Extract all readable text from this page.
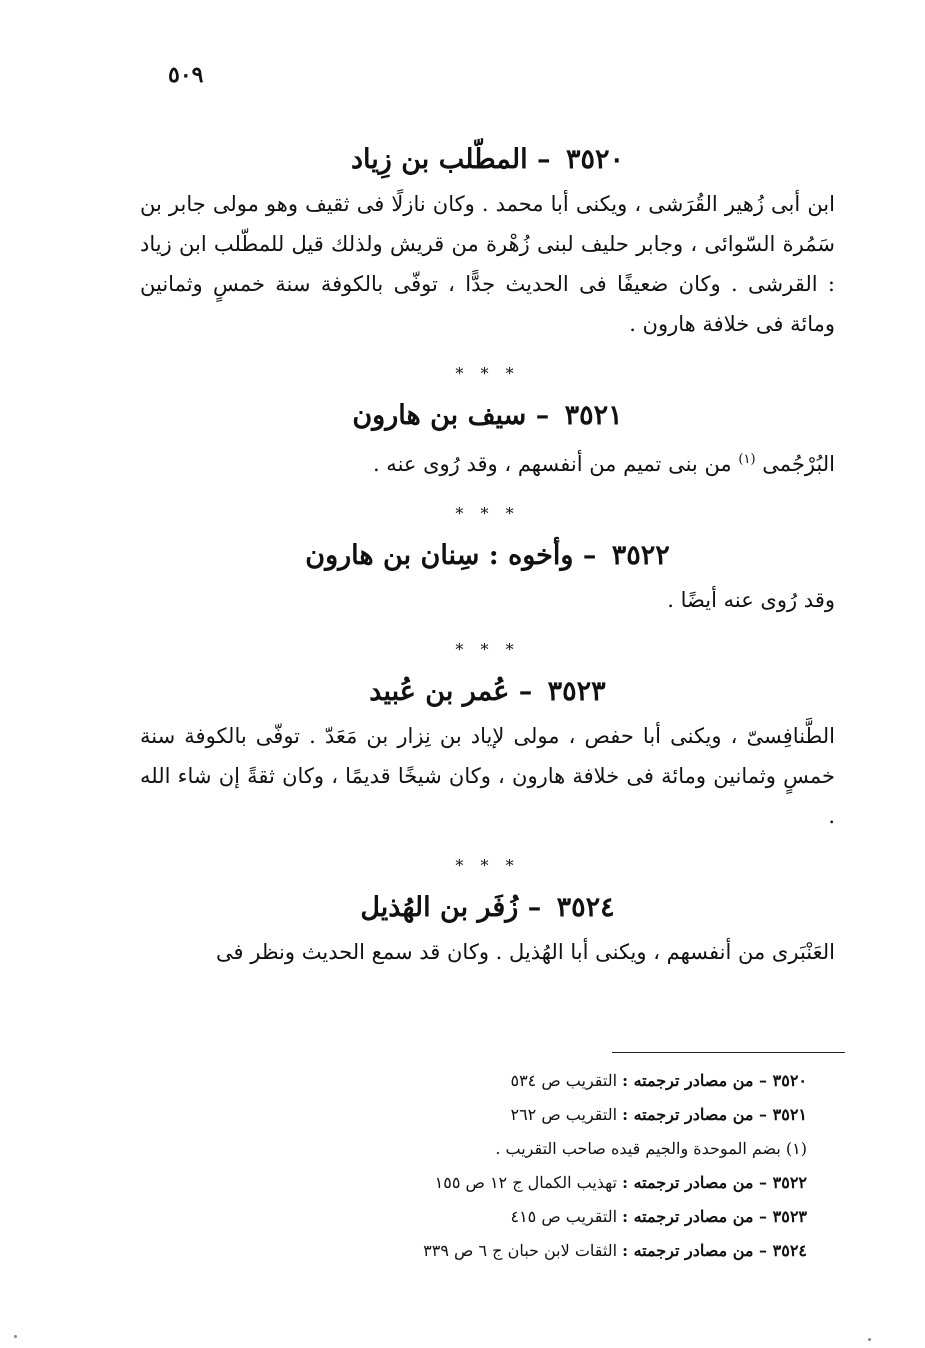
٥٠٩
٣٥٢٠ – المطّلب بن زِياد

ابن أبى زُهير القُرَشى ، ويكنى أبا محمد . وكان نازلًا فى ثقيف وهو مولى جابر بن سَمُرة السّوائى ، وجابر حليف لبنى زُهْرة من قريش ولذلك قيل للمطّلب ابن زياد : القرشى . وكان ضعيفًا فى الحديث جدًّا ، توفّى بالكوفة سنة خمسٍ وثمانين ومائة فى خلافة هارون .

* * *
٣٥٢١ – سيف بن هارون

البُرْجُمى $^{(١)}$ من بنى تميم من أنفسهم ، وقد رُوى عنه .

* * *
٣٥٢٢ – وأخوه : سِنان بن هارون

وقد رُوى عنه أيضًا .

* * *
٣٥٢٣ – عُمر بن عُبيد

الطَّنافِسىّ ، ويكنى أبا حفص ، مولى لإياد بن نِزار بن مَعَدّ . توفّى بالكوفة سنة خمسٍ وثمانين ومائة فى خلافة هارون ، وكان شيخًا قديمًا ، وكان ثقةً إن شاء الله .

* * *
٣٥٢٤ – زُفَر بن الهُذيل

العَنْبَرى من أنفسهم ، ويكنى أبا الهُذيل . وكان قد سمع الحديث ونظر فى

٣٥٢٠ – من مصادر ترجمته : التقريب ص ٥٣٤
٣٥٢١ – من مصادر ترجمته : التقريب ص ٢٦٢
(١) بضم الموحدة والجيم قيده صاحب التقريب .
٣٥٢٢ – من مصادر ترجمته : تهذيب الكمال ج ١٢ ص ١٥٥
٣٥٢٣ – من مصادر ترجمته : التقريب ص ٤١٥
٣٥٢٤ – من مصادر ترجمته : الثقات لابن حبان ج ٦ ص ٣٣٩
